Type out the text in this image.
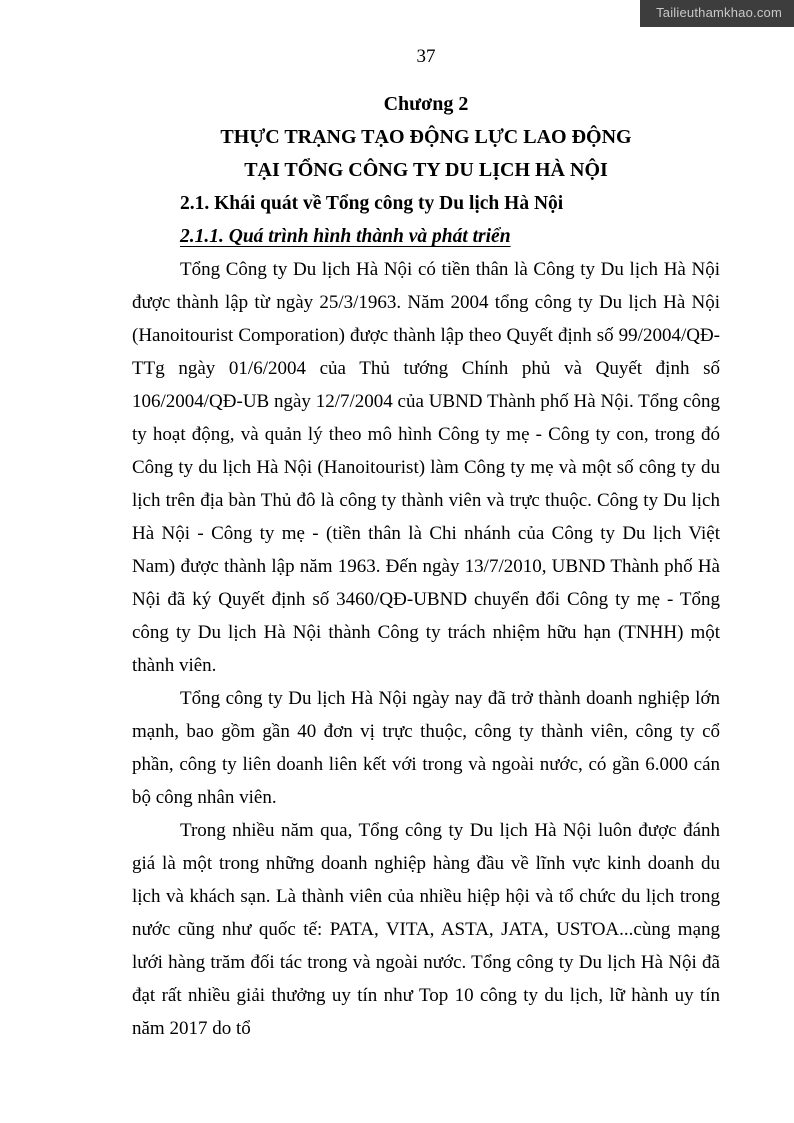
Tailieuthamkhao.com
37

Chương 2

THỰC TRẠNG TẠO ĐỘNG LỰC LAO ĐỘNG

TẠI TỔNG CÔNG TY DU LỊCH HÀ NỘI

2.1. Khái quát về Tổng công ty Du lịch Hà Nội

2.1.1. Quá trình hình thành và phát triển

Tổng Công ty Du lịch Hà Nội có tiền thân là Công ty Du lịch Hà Nội được thành lập từ ngày 25/3/1963. Năm 2004 tổng công ty Du lịch Hà Nội (Hanoitourist Comporation) được thành lập theo Quyết định số 99/2004/QĐ-TTg ngày 01/6/2004 của Thủ tướng Chính phủ và Quyết định số 106/2004/QĐ-UB ngày 12/7/2004 của UBND Thành phố Hà Nội. Tổng công ty hoạt động, và quản lý theo mô hình Công ty mẹ - Công ty con, trong đó Công ty du lịch Hà Nội (Hanoitourist) làm Công ty mẹ và một số công ty du lịch trên địa bàn Thủ đô là công ty thành viên và trực thuộc. Công ty Du lịch Hà Nội - Công ty mẹ - (tiền thân là Chi nhánh của Công ty Du lịch Việt Nam) được thành lập năm 1963. Đến ngày 13/7/2010, UBND Thành phố Hà Nội đã ký Quyết định số 3460/QĐ-UBND chuyển đổi Công ty mẹ - Tổng công ty Du lịch Hà Nội thành Công ty trách nhiệm hữu hạn (TNHH) một thành viên.

Tổng công ty Du lịch Hà Nội ngày nay đã trở thành doanh nghiệp lớn mạnh, bao gồm gần 40 đơn vị trực thuộc, công ty thành viên, công ty cổ phần, công ty liên doanh liên kết với trong và ngoài nước, có gần 6.000 cán bộ công nhân viên.

Trong nhiều năm qua, Tổng công ty Du lịch Hà Nội luôn được đánh giá là một trong những doanh nghiệp hàng đầu về lĩnh vực kinh doanh du lịch và khách sạn. Là thành viên của nhiều hiệp hội và tổ chức du lịch trong nước cũng như quốc tế: PATA, VITA, ASTA, JATA, USTOA...cùng mạng lưới hàng trăm đối tác trong và ngoài nước. Tổng công ty Du lịch Hà Nội đã đạt rất nhiều giải thưởng uy tín như Top 10 công ty du lịch, lữ hành uy tín năm 2017 do tổ
